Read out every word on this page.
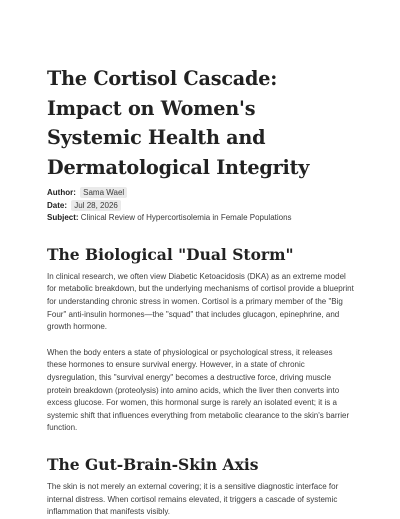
The Cortisol Cascade: Impact on Women's Systemic Health and Dermatological Integrity
Author: Sama Wael
Date: Jul 28, 2026
Subject: Clinical Review of Hypercortisolemia in Female Populations
The Biological "Dual Storm"

In clinical research, we often view Diabetic Ketoacidosis (DKA) as an extreme model for metabolic breakdown, but the underlying mechanisms of cortisol provide a blueprint for understanding chronic stress in women. Cortisol is a primary member of the "Big Four" anti-insulin hormones—the "squad" that includes glucagon, epinephrine, and growth hormone.

When the body enters a state of physiological or psychological stress, it releases these hormones to ensure survival energy. However, in a state of chronic dysregulation, this "survival energy" becomes a destructive force, driving muscle protein breakdown (proteolysis) into amino acids, which the liver then converts into excess glucose. For women, this hormonal surge is rarely an isolated event; it is a systemic shift that influences everything from metabolic clearance to the skin's barrier function.

The Gut-Brain-Skin Axis

The skin is not merely an external covering; it is a sensitive diagnostic interface for internal distress. When cortisol remains elevated, it triggers a cascade of systemic inflammation that manifests visibly.
